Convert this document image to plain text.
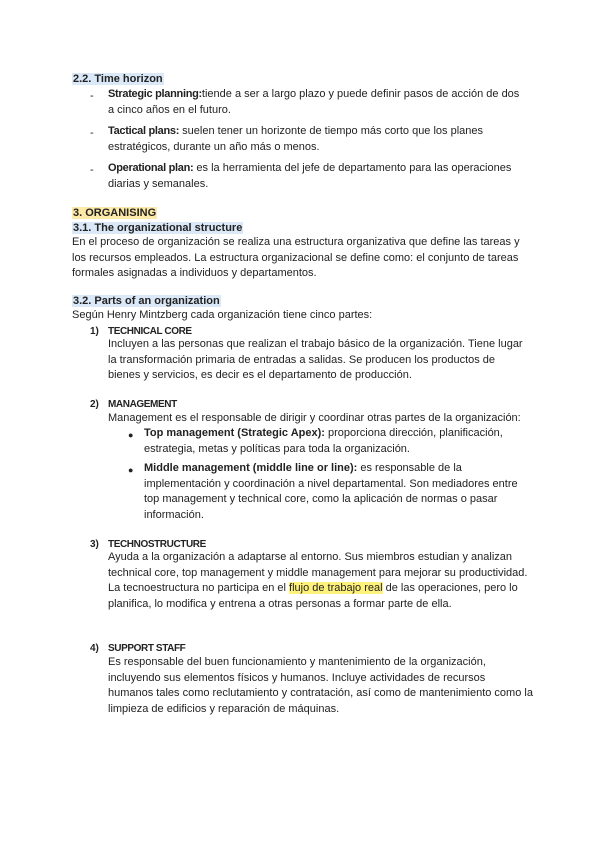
2.2. Time horizon
- Strategic planning:tiende a ser a largo plazo y puede definir pasos de acción de dos a cinco años en el futuro.
- Tactical plans: suelen tener un horizonte de tiempo más corto que los planes estratégicos, durante un año más o menos.
- Operational plan: es la herramienta del jefe de departamento para las operaciones diarias y semanales.
3. ORGANISING
3.1. The organizational structure
En el proceso de organización se realiza una estructura organizativa que define las tareas y los recursos empleados. La estructura organizacional se define como: el conjunto de tareas formales asignadas a individuos y departamentos.
3.2. Parts of an organization
Según Henry Mintzberg cada organización tiene cinco partes:
1) TECHNICAL CORE
Incluyen a las personas que realizan el trabajo básico de la organización. Tiene lugar la transformación primaria de entradas a salidas. Se producen los productos de bienes y servicios, es decir es el departamento de producción.
2) MANAGEMENT
Management es el responsable de dirigir y coordinar otras partes de la organización:
● Top management (Strategic Apex): proporciona dirección, planificación, estrategia, metas y políticas para toda la organización.
● Middle management (middle line or line): es responsable de la implementación y coordinación a nivel departamental. Son mediadores entre top management y technical core, como la aplicación de normas o pasar información.
3) TECHNOSTRUCTURE
Ayuda a la organización a adaptarse al entorno. Sus miembros estudian y analizan technical core, top management y middle management para mejorar su productividad. La tecnoestructura no participa en el flujo de trabajo real de las operaciones, pero lo planifica, lo modifica y entrena a otras personas a formar parte de ella.
4) SUPPORT STAFF
Es responsable del buen funcionamiento y mantenimiento de la organización, incluyendo sus elementos físicos y humanos. Incluye actividades de recursos humanos tales como reclutamiento y contratación, así como de mantenimiento como la limpieza de edificios y reparación de máquinas.
